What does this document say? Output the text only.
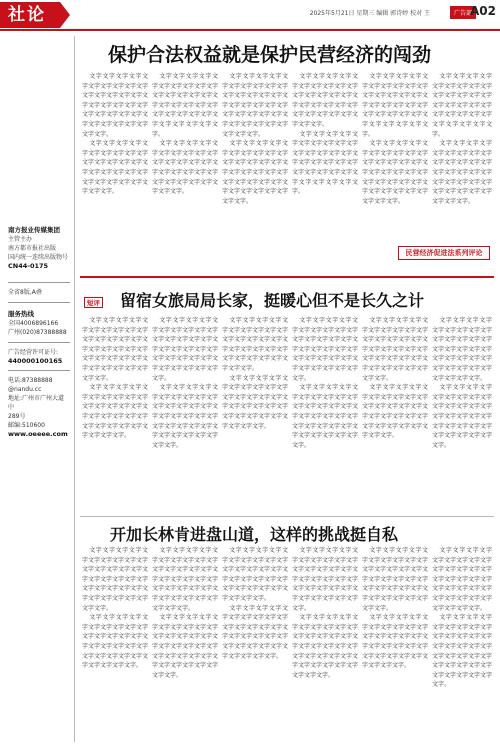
社论	2025年5月21日 星期三 编辑 郭诗婷 校对 王	广告部
A02
南方报业传媒集团
主管主办
南方都市报社出版
国内统一连续出版物号
CN44-0175
全省8版,A叠
服务热线
全国4006896166
广州(020)87388888
广告经营许可证号:
440000100165
电话:87388888
@nandu.cc
地址:广州市广州大道中
289号
邮编:510600
www.oeeee.com
保护合法权益就是保护民营经济的闯劲

文字文字文字文字文字文字文字文字文字文字文字文字文字文字文字文字文字文字文字文字文字文字文字文字文字文字文字文字文字文字文字文字文字文字。

文字文字文字文字文字文字文字文字文字文字文字文字文字文字文字文字文字文字文字文字文字文字文字文字文字文字文字文字文字。

文字文字文字文字文字文字文字文字文字文字文字文字文字文字文字文字文字文字文字文字文字文字文字文字文字文字文字文字文字文字文字文字。

文字文字文字文字文字文字文字文字文字文字文字文字文字文字文字文字文字文字文字文字文字文字文字文字文字文字文字文字文字。

文字文字文字文字文字文字文字文字文字文字文字文字文字文字文字文字文字文字文字文字文字文字文字文字文字文字文字文字文字文字文字文字文字文字文字。

文字文字文字文字文字文字文字文字文字文字文字文字文字文字文字文字文字文字文字文字文字文字文字文字文字文字文字文字文字文字文字文字文字文字。

文字文字文字文字文字文字文字文字文字文字文字文字文字文字文字文字文字文字文字文字文字文字文字文字文字文字文字文字文字。

文字文字文字文字文字文字文字文字文字文字文字文字文字文字文字文字文字文字文字文字文字文字文字文字文字文字文字文字文字文字文字文字。

文字文字文字文字文字文字文字文字文字文字文字文字文字文字文字文字文字文字文字文字文字文字文字文字文字文字文字文字文字文字文字文字。

文字文字文字文字文字文字文字文字文字文字文字文字文字文字文字文字文字文字文字文字文字文字文字文字文字文字文字文字文字文字文字文字文字文字文字。

文字文字文字文字文字文字文字文字文字文字文字文字文字文字文字文字文字文字文字文字文字文字文字文字文字文字文字文字文字。

文字文字文字文字文字文字文字文字文字文字文字文字文字文字文字文字文字文字文字文字文字文字文字文字文字文字文字文字文字文字文字文字。

民营经济促进法系列评论
短评 留宿女旅局局长家，挺暖心但不是长久之计

文字文字文字文字文字文字文字文字文字文字文字文字文字文字文字文字文字文字文字文字文字文字文字文字文字文字文字文字文字文字文字文字文字文字。

文字文字文字文字文字文字文字文字文字文字文字文字文字文字文字文字文字文字文字文字文字文字文字文字文字文字文字文字文字文字。

文字文字文字文字文字文字文字文字文字文字文字文字文字文字文字文字文字文字文字文字文字文字文字文字文字文字文字文字文字文字文字文字文字。

文字文字文字文字文字文字文字文字文字文字文字文字文字文字文字文字文字文字文字文字文字文字文字文字文字文字文字文字文字文字文字文字文字文字。

文字文字文字文字文字文字文字文字文字文字文字文字文字文字文字文字文字文字文字文字文字文字文字文字文字文字文字文字文字。

文字文字文字文字文字文字文字文字文字文字文字文字文字文字文字文字文字文字文字文字文字文字文字文字文字文字文字文字文字文字。

文字文字文字文字文字文字文字文字文字文字文字文字文字文字文字文字文字文字文字文字文字文字文字文字文字文字文字文字文字文字文字文字文字。

文字文字文字文字文字文字文字文字文字文字文字文字文字文字文字文字文字文字文字文字文字文字文字文字文字文字文字文字文字文字文字文字文字。

文字文字文字文字文字文字文字文字文字文字文字文字文字文字文字文字文字文字文字文字文字文字文字文字文字文字文字文字文字文字文字文字文字文字。

文字文字文字文字文字文字文字文字文字文字文字文字文字文字文字文字文字文字文字文字文字文字文字文字文字文字文字文字文字。

文字文字文字文字文字文字文字文字文字文字文字文字文字文字文字文字文字文字文字文字文字文字文字文字文字文字文字文字文字文字文字文字文字。

文字文字文字文字文字文字文字文字文字文字文字文字文字文字文字文字文字文字文字文字文字文字文字文字文字文字文字文字文字文字。

开加长林肯进盘山道，这样的挑战挺自私

文字文字文字文字文字文字文字文字文字文字文字文字文字文字文字文字文字文字文字文字文字文字文字文字文字文字文字文字文字文字文字文字文字文字。

文字文字文字文字文字文字文字文字文字文字文字文字文字文字文字文字文字文字文字文字文字文字文字文字文字文字文字文字文字文字文字。

文字文字文字文字文字文字文字文字文字文字文字文字文字文字文字文字文字文字文字文字文字文字文字文字文字文字文字文字文字文字文字文字文字文字文字。

文字文字文字文字文字文字文字文字文字文字文字文字文字文字文字文字文字文字文字文字文字文字文字文字文字文字文字文字文字文字文字文字文字文字。

文字文字文字文字文字文字文字文字文字文字文字文字文字文字文字文字文字文字文字文字文字文字文字文字文字文字文字文字文字文字。

文字文字文字文字文字文字文字文字文字文字文字文字文字文字文字文字文字文字文字文字文字文字文字文字文字文字文字文字文字文字文字。

文字文字文字文字文字文字文字文字文字文字文字文字文字文字文字文字文字文字文字文字文字文字文字文字文字文字文字文字文字文字文字文字文字。

文字文字文字文字文字文字文字文字文字文字文字文字文字文字文字文字文字文字文字文字文字文字文字文字文字文字文字文字文字文字文字文字文字文字文字。

文字文字文字文字文字文字文字文字文字文字文字文字文字文字文字文字文字文字文字文字文字文字文字文字文字文字文字文字文字文字文字文字文字文字。

文字文字文字文字文字文字文字文字文字文字文字文字文字文字文字文字文字文字文字文字文字文字文字文字文字文字文字文字文字文字。

文字文字文字文字文字文字文字文字文字文字文字文字文字文字文字文字文字文字文字文字文字文字文字文字文字文字文字文字文字文字文字文字文字。

文字文字文字文字文字文字文字文字文字文字文字文字文字文字文字文字文字文字文字文字文字文字文字文字文字文字文字文字文字文字文字文字文字文字文字。
